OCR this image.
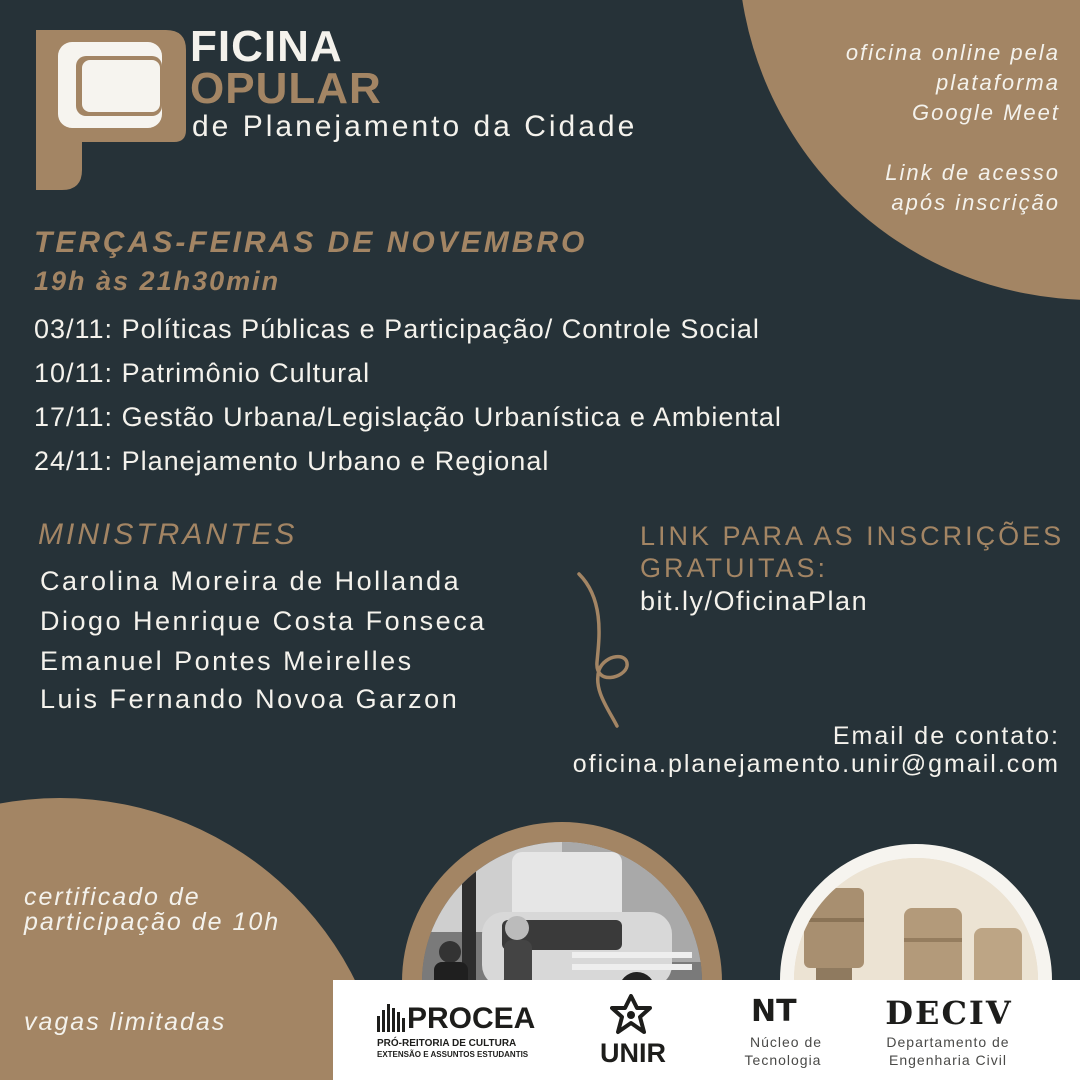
FICINA
OPULAR
de Planejamento da Cidade
oficina online pela
plataforma
Google Meet
Link de acesso
após inscrição
TERÇAS-FEIRAS DE NOVEMBRO
19h às 21h30min
03/11: Políticas Públicas e Participação/ Controle Social
10/11: Patrimônio Cultural
17/11: Gestão Urbana/Legislação Urbanística e Ambiental
24/11: Planejamento Urbano e Regional
MINISTRANTES
Carolina Moreira de Hollanda
Diogo Henrique Costa Fonseca
Emanuel Pontes Meirelles
Luis Fernando Novoa Garzon
LINK PARA AS INSCRIÇÕES GRATUITAS:
bit.ly/OficinaPlan
Email de contato:
oficina.planejamento.unir@gmail.com
certificado de participação de 10h
vagas limitadas	PROCEA
PRÓ-REITORIA DE CULTURA
EXTENSÃO E ASSUNTOS ESTUDANTIS	UNIR
NT
Núcleo de
Tecnologia
DECIV
Departamento de
Engenharia Civil
